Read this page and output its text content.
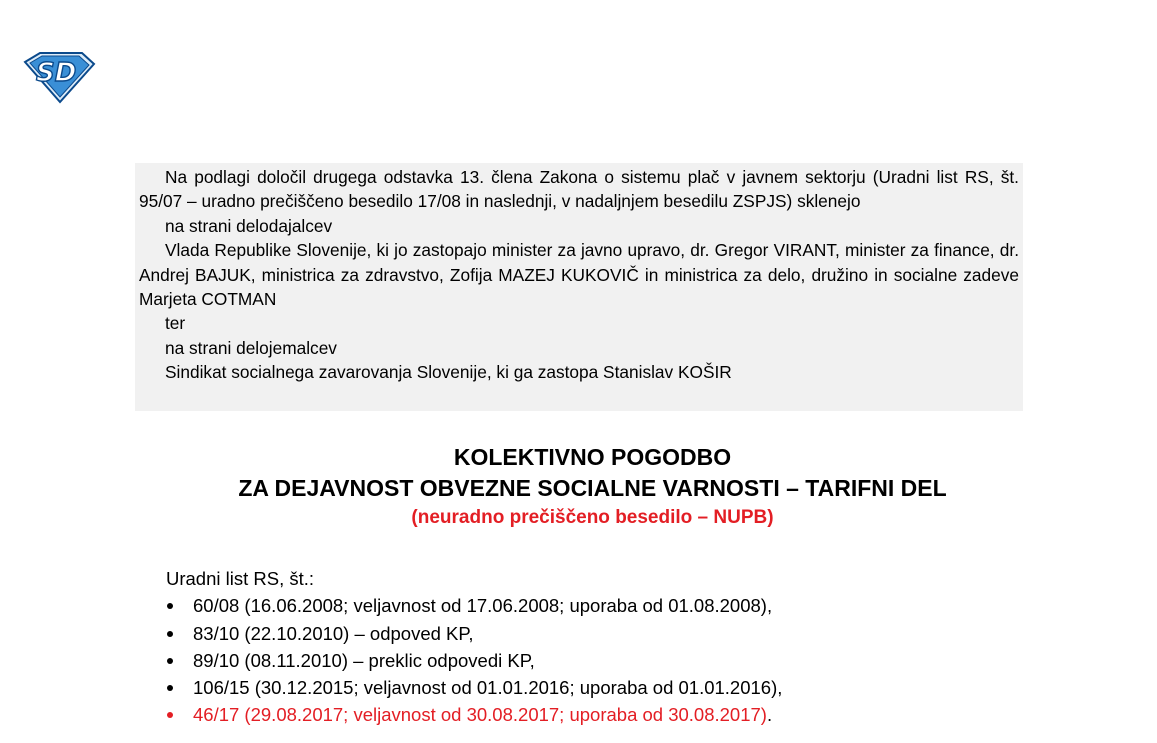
SD

Na podlagi določil drugega odstavka 13. člena Zakona o sistemu plač v javnem sektorju (Uradni list RS, št. 95/07 – uradno prečiščeno besedilo 17/08 in naslednji, v nadaljnjem besedilu ZSPJS) sklenejo

na strani delodajalcev

Vlada Republike Slovenije, ki jo zastopajo minister za javno upravo, dr. Gregor VIRANT, minister za finance, dr. Andrej BAJUK, ministrica za zdravstvo, Zofija MAZEJ KUKOVIČ in ministrica za delo, družino in socialne zadeve Marjeta COTMAN

ter

na strani delojemalcev

Sindikat socialnega zavarovanja Slovenije, ki ga zastopa Stanislav KOŠIR

KOLEKTIVNO POGODBO

ZA DEJAVNOST OBVEZNE SOCIALNE VARNOSTI – TARIFNI DEL

(neuradno prečiščeno besedilo – NUPB)

Uradni list RS, št.:

60/08 (16.06.2008; veljavnost od 17.06.2008; uporaba od 01.08.2008),
83/10 (22.10.2010) – odpoved KP,
89/10 (08.11.2010) – preklic odpovedi KP,
106/15 (30.12.2015; veljavnost od 01.01.2016; uporaba od 01.01.2016),
46/17 (29.08.2017; veljavnost od 30.08.2017; uporaba od 30.08.2017).
